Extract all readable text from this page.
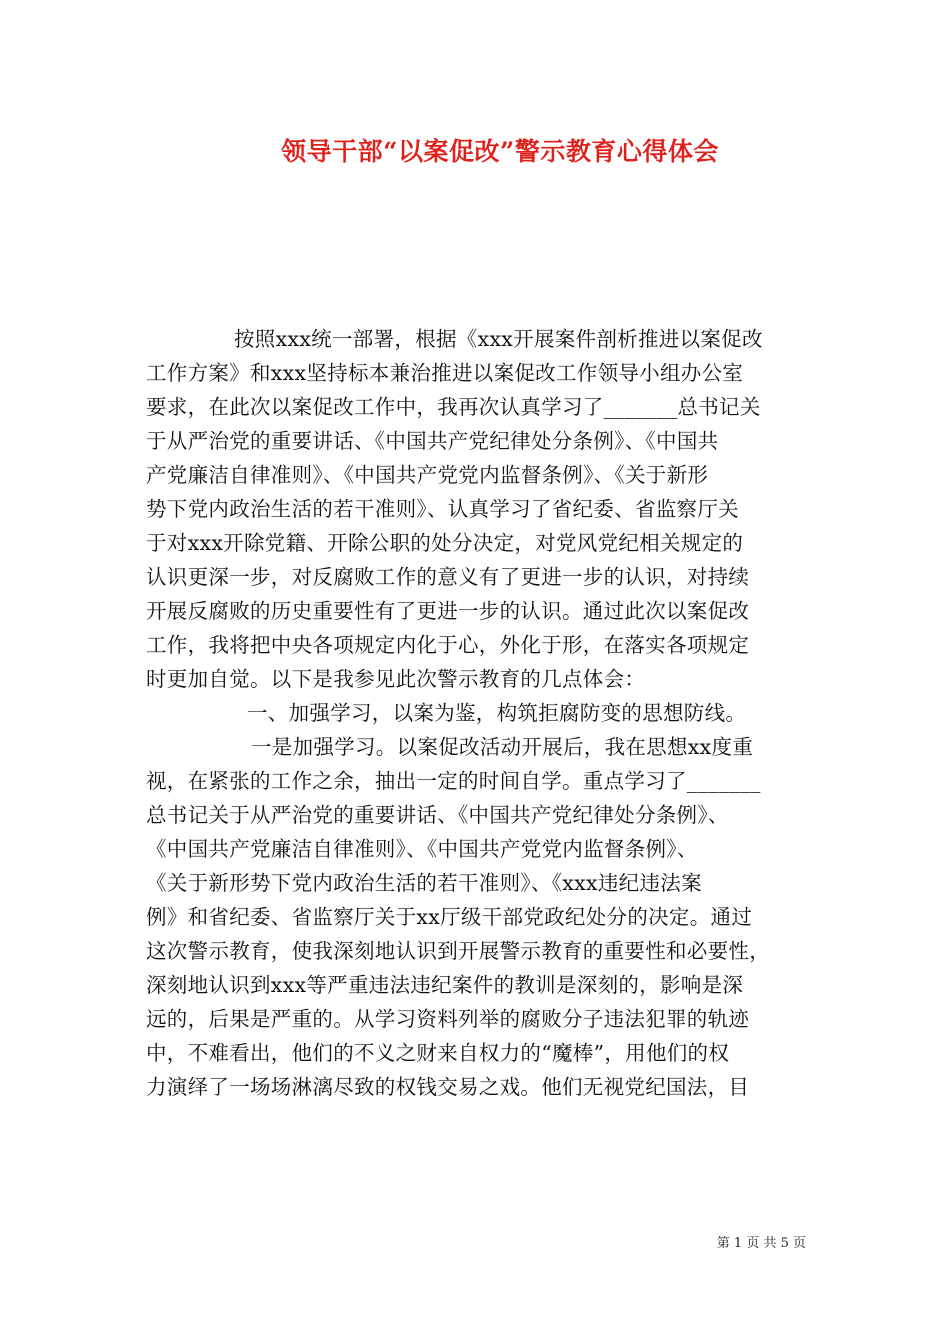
领导干部“以案促改”警示教育心得体会
按照xxx统一部署，根据《xxx开展案件剖析推进以案促改
工作方案》和xxx坚持标本兼治推进以案促改工作领导小组办公室
要求，在此次以案促改工作中，我再次认真学习了_______总书记关
于从严治党的重要讲话、《中国共产党纪律处分条例》、《中国共
产党廉洁自律准则》、《中国共产党党内监督条例》、《关于新形
势下党内政治生活的若干准则》、认真学习了省纪委、省监察厅关
于对xxx开除党籍、开除公职的处分决定，对党风党纪相关规定的
认识更深一步，对反腐败工作的意义有了更进一步的认识，对持续
开展反腐败的历史重要性有了更进一步的认识。通过此次以案促改
工作，我将把中央各项规定内化于心，外化于形，在落实各项规定
时更加自觉。以下是我参见此次警示教育的几点体会：
一、加强学习，以案为鉴，构筑拒腐防变的思想防线。
一是加强学习。以案促改活动开展后，我在思想xx度重
视，在紧张的工作之余，抽出一定的时间自学。重点学习了_______
总书记关于从严治党的重要讲话、《中国共产党纪律处分条例》、
《中国共产党廉洁自律准则》、《中国共产党党内监督条例》、
《关于新形势下党内政治生活的若干准则》、《xxx违纪违法案
例》和省纪委、省监察厅关于xx厅级干部党政纪处分的决定。通过
这次警示教育，使我深刻地认识到开展警示教育的重要性和必要性，
深刻地认识到xxx等严重违法违纪案件的教训是深刻的，影响是深
远的，后果是严重的。从学习资料列举的腐败分子违法犯罪的轨迹
中，不难看出，他们的不义之财来自权力的“魔棒”，用他们的权
力演绎了一场场淋漓尽致的权钱交易之戏。他们无视党纪国法，目
第 1 页 共 5 页
